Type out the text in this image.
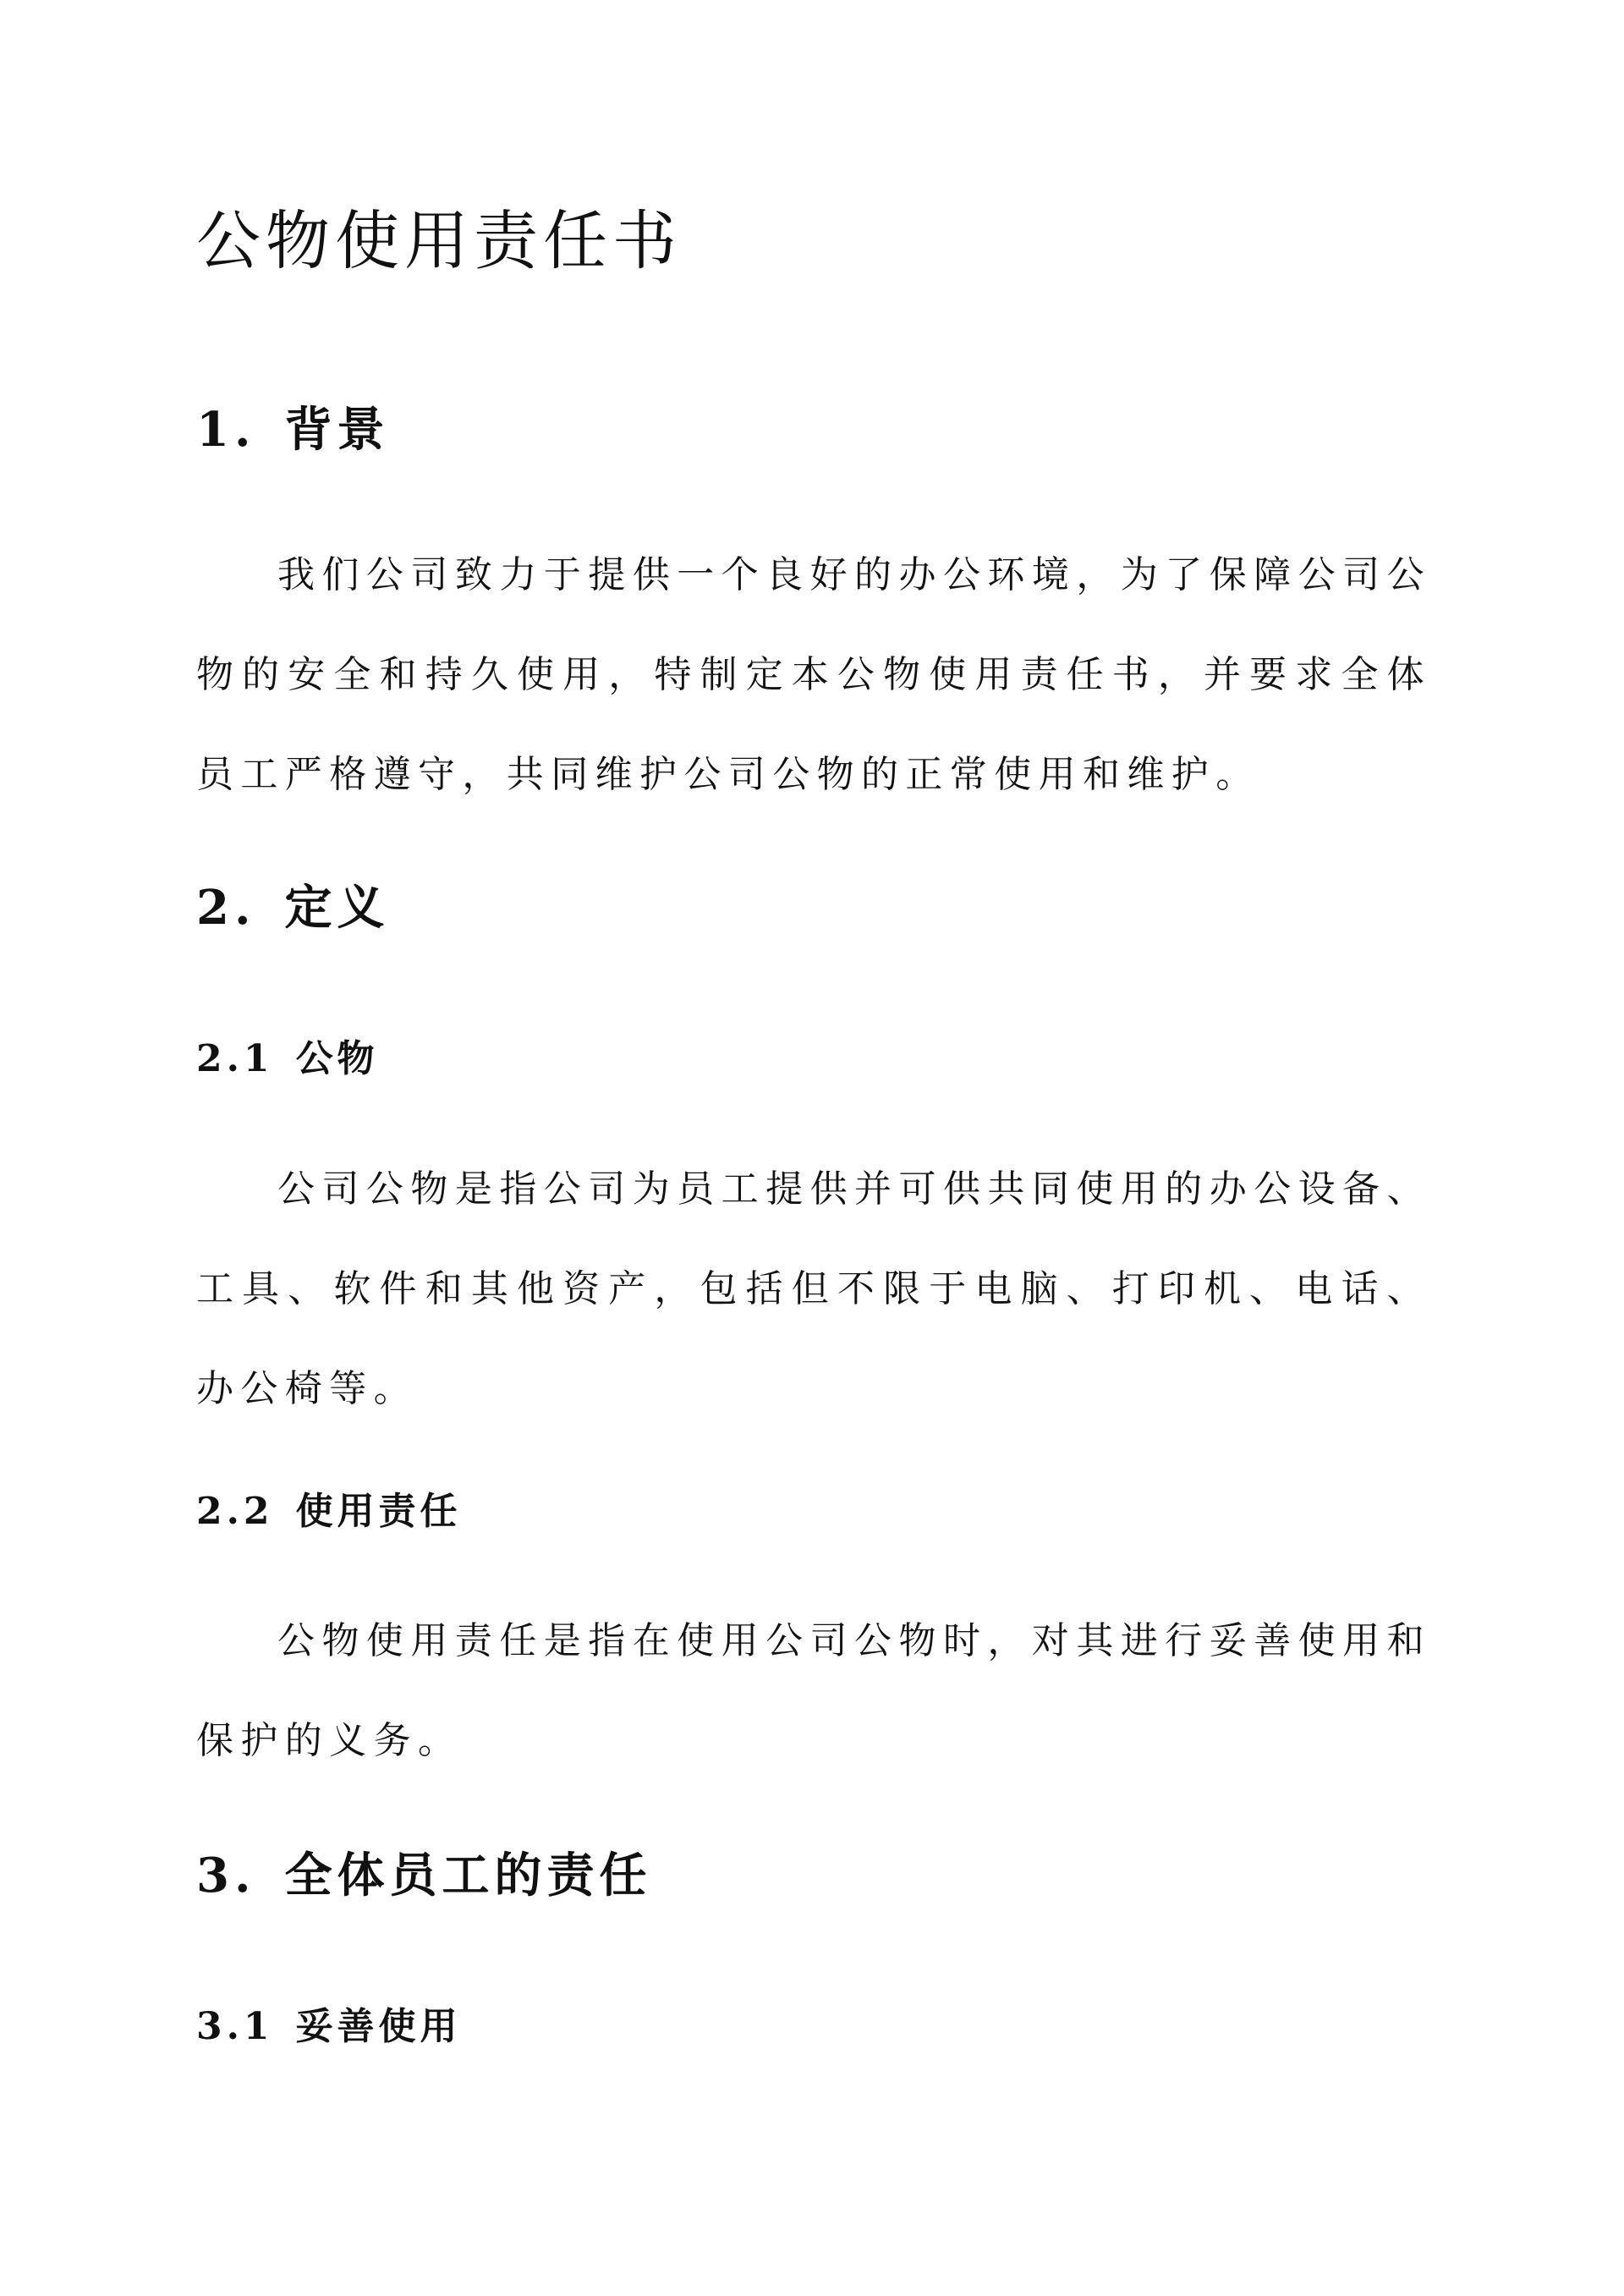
公物使用责任书
1. 背景

我们公司致力于提供一个良好的办公环境，为了保障公司公物的安全和持久使用，特制定本公物使用责任书，并要求全体员工严格遵守，共同维护公司公物的正常使用和维护。

2. 定义
2.1 公物

公司公物是指公司为员工提供并可供共同使用的办公设备、工具、软件和其他资产，包括但不限于电脑、打印机、电话、办公椅等。

2.2 使用责任

公物使用责任是指在使用公司公物时，对其进行妥善使用和保护的义务。

3. 全体员工的责任
3.1 妥善使用
